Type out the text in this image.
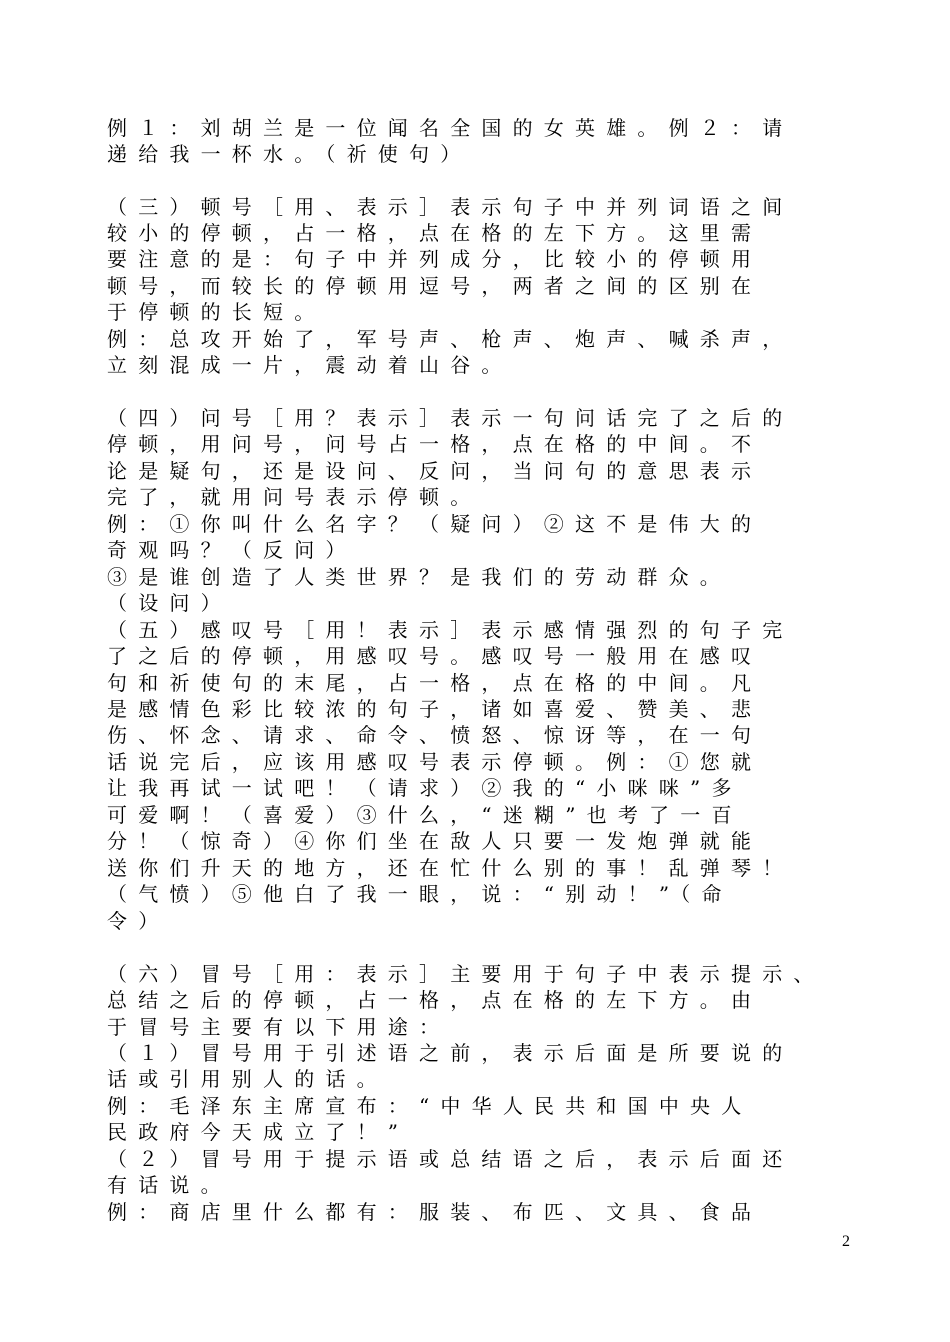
例１：刘胡兰是一位闻名全国的女英雄。例２：请
递给我一杯水。（祈使句）
（三）顿号［用、表示］表示句子中并列词语之间
较小的停顿，占一格，点在格的左下方。这里需
要注意的是：句子中并列成分，比较小的停顿用
顿号，而较长的停顿用逗号，两者之间的区别在
于停顿的长短。
例：总攻开始了，军号声、枪声、炮声、喊杀声，
立刻混成一片，震动着山谷。
（四）问号［用？表示］表示一句问话完了之后的
停顿，用问号，问号占一格，点在格的中间。不
论是疑句，还是设问、反问，当问句的意思表示
完了，就用问号表示停顿。
例：①你叫什么名字？（疑问）②这不是伟大的
奇观吗？（反问）
③是谁创造了人类世界？是我们的劳动群众。
（设问）
（五）感叹号［用！表示］表示感情强烈的句子完
了之后的停顿，用感叹号。感叹号一般用在感叹
句和祈使句的末尾，占一格，点在格的中间。凡
是感情色彩比较浓的句子，诸如喜爱、赞美、悲
伤、怀念、请求、命令、愤怒、惊讶等，在一句
话说完后，应该用感叹号表示停顿。例：①您就
让我再试一试吧！（请求）②我的“小咪咪”多
可爱啊！（喜爱）③什么，“迷糊”也考了一百
分！（惊奇）④你们坐在敌人只要一发炮弹就能
送你们升天的地方，还在忙什么别的事！乱弹琴！
（气愤）⑤他白了我一眼，说：“别动！”（命
令）
（六）冒号［用：表示］主要用于句子中表示提示、
总结之后的停顿，占一格，点在格的左下方。由
于冒号主要有以下用途：
（１）冒号用于引述语之前，表示后面是所要说的
话或引用别人的话。
例：毛泽东主席宣布：“中华人民共和国中央人
民政府今天成立了！”
（２）冒号用于提示语或总结语之后，表示后面还
有话说。
例：商店里什么都有：服装、布匹、文具、食品
2
